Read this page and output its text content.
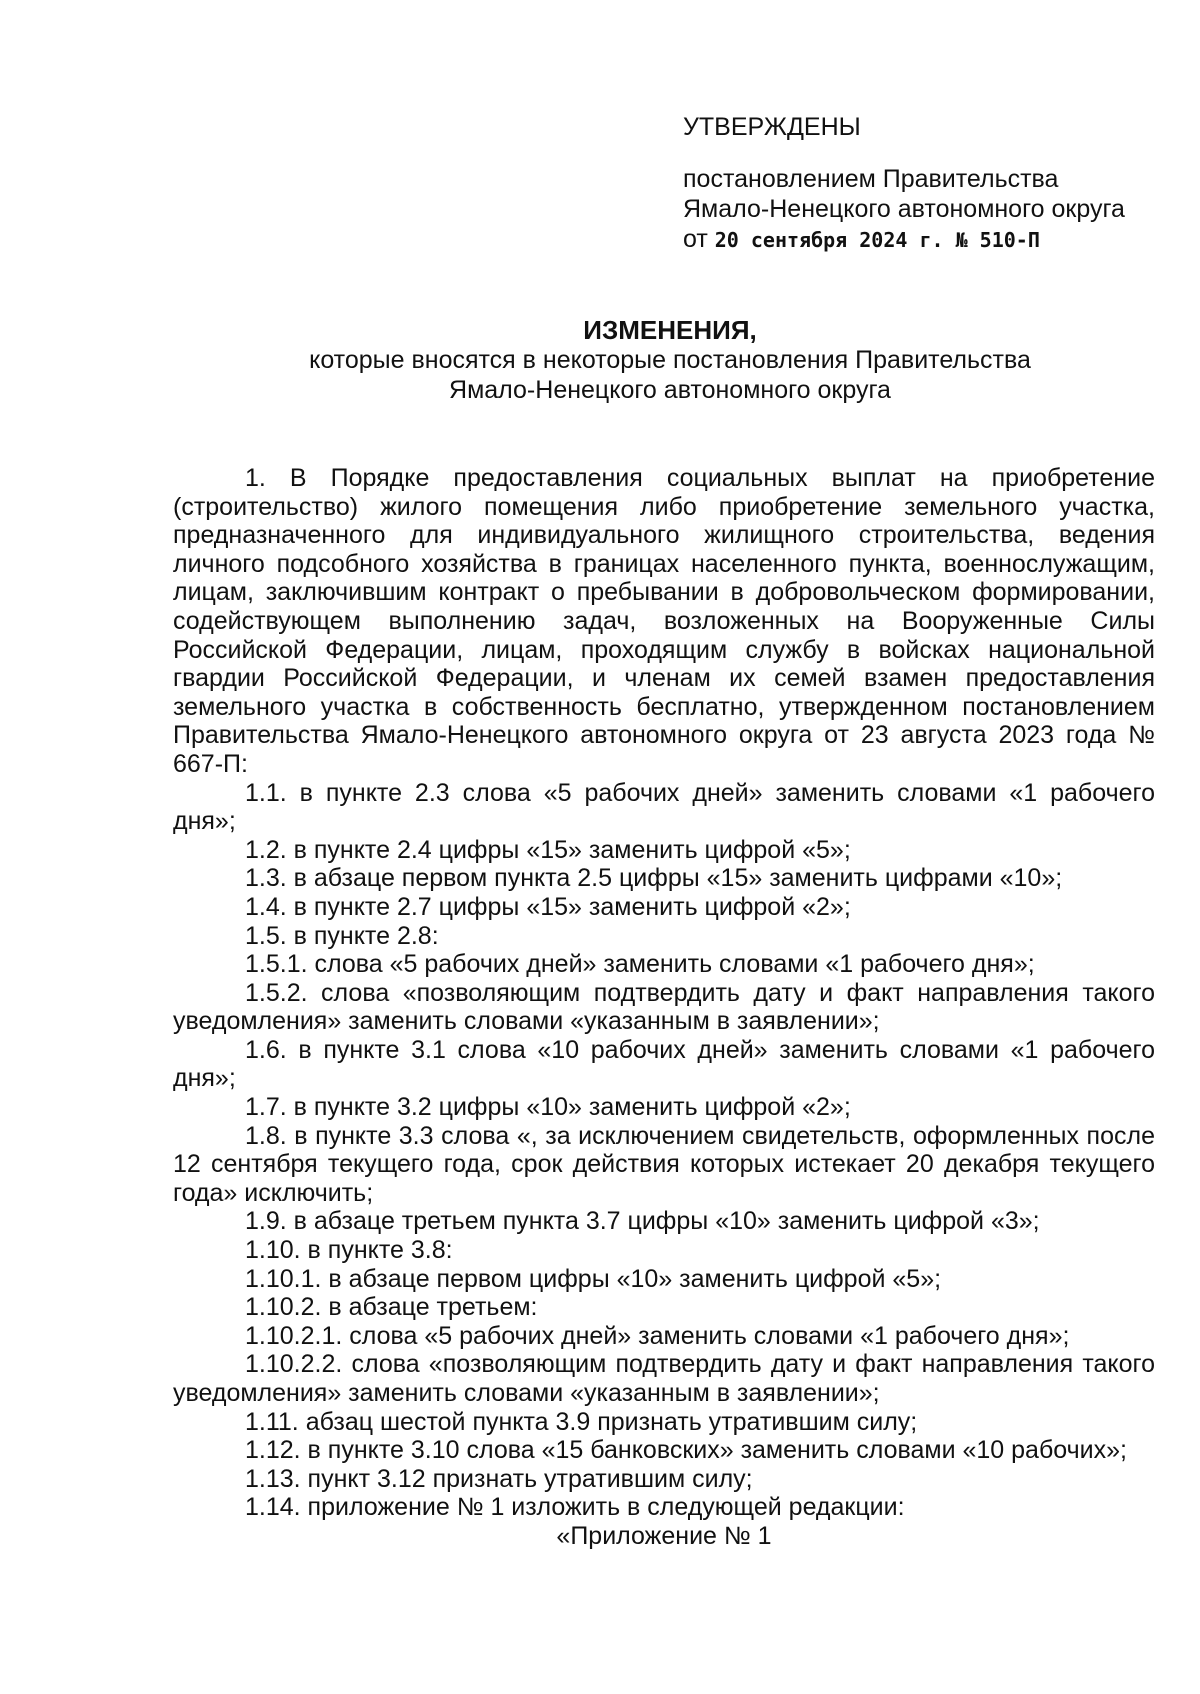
УТВЕРЖДЕНЫ
постановлением Правительства
Ямало-Ненецкого автономного округа
от 20 сентября 2024 г. № 510-П
ИЗМЕНЕНИЯ,
которые вносятся в некоторые постановления Правительства
Ямало-Ненецкого автономного округа

1. В Порядке предоставления социальных выплат на приобретение (строительство) жилого помещения либо приобретение земельного участка, предназначенного для индивидуального жилищного строительства, ведения личного подсобного хозяйства в границах населенного пункта, военнослужащим, лицам, заключившим контракт о пребывании в добровольческом формировании, содействующем выполнению задач, возложенных на Вооруженные Силы Российской Федерации, лицам, проходящим службу в войсках национальной гвардии Российской Федерации, и членам их семей взамен предоставления земельного участка в собственность бесплатно, утвержденном постановлением Правительства Ямало-Ненецкого автономного округа от 23 августа 2023 года № 667-П:

1.1. в пункте 2.3 слова «5 рабочих дней» заменить словами «1 рабочего дня»;

1.2. в пункте 2.4 цифры «15» заменить цифрой «5»;

1.3. в абзаце первом пункта 2.5 цифры «15» заменить цифрами «10»;

1.4. в пункте 2.7 цифры «15» заменить цифрой «2»;

1.5. в пункте 2.8:

1.5.1. слова «5 рабочих дней» заменить словами «1 рабочего дня»;

1.5.2. слова «позволяющим подтвердить дату и факт направления такого уведомления» заменить словами «указанным в заявлении»;

1.6. в пункте 3.1 слова «10 рабочих дней» заменить словами «1 рабочего дня»;

1.7. в пункте 3.2 цифры «10» заменить цифрой «2»;

1.8. в пункте 3.3 слова «, за исключением свидетельств, оформленных после 12 сентября текущего года, срок действия которых истекает 20 декабря текущего года» исключить;

1.9. в абзаце третьем пункта 3.7 цифры «10» заменить цифрой «3»;

1.10. в пункте 3.8:

1.10.1. в абзаце первом цифры «10» заменить цифрой «5»;

1.10.2. в абзаце третьем:

1.10.2.1. слова «5 рабочих дней» заменить словами «1 рабочего дня»;

1.10.2.2. слова «позволяющим подтвердить дату и факт направления такого уведомления» заменить словами «указанным в заявлении»;

1.11. абзац шестой пункта 3.9 признать утратившим силу;

1.12. в пункте 3.10 слова «15 банковских» заменить словами «10 рабочих»;

1.13. пункт 3.12 признать утратившим силу;

1.14. приложение № 1 изложить в следующей редакции:

«Приложение № 1
